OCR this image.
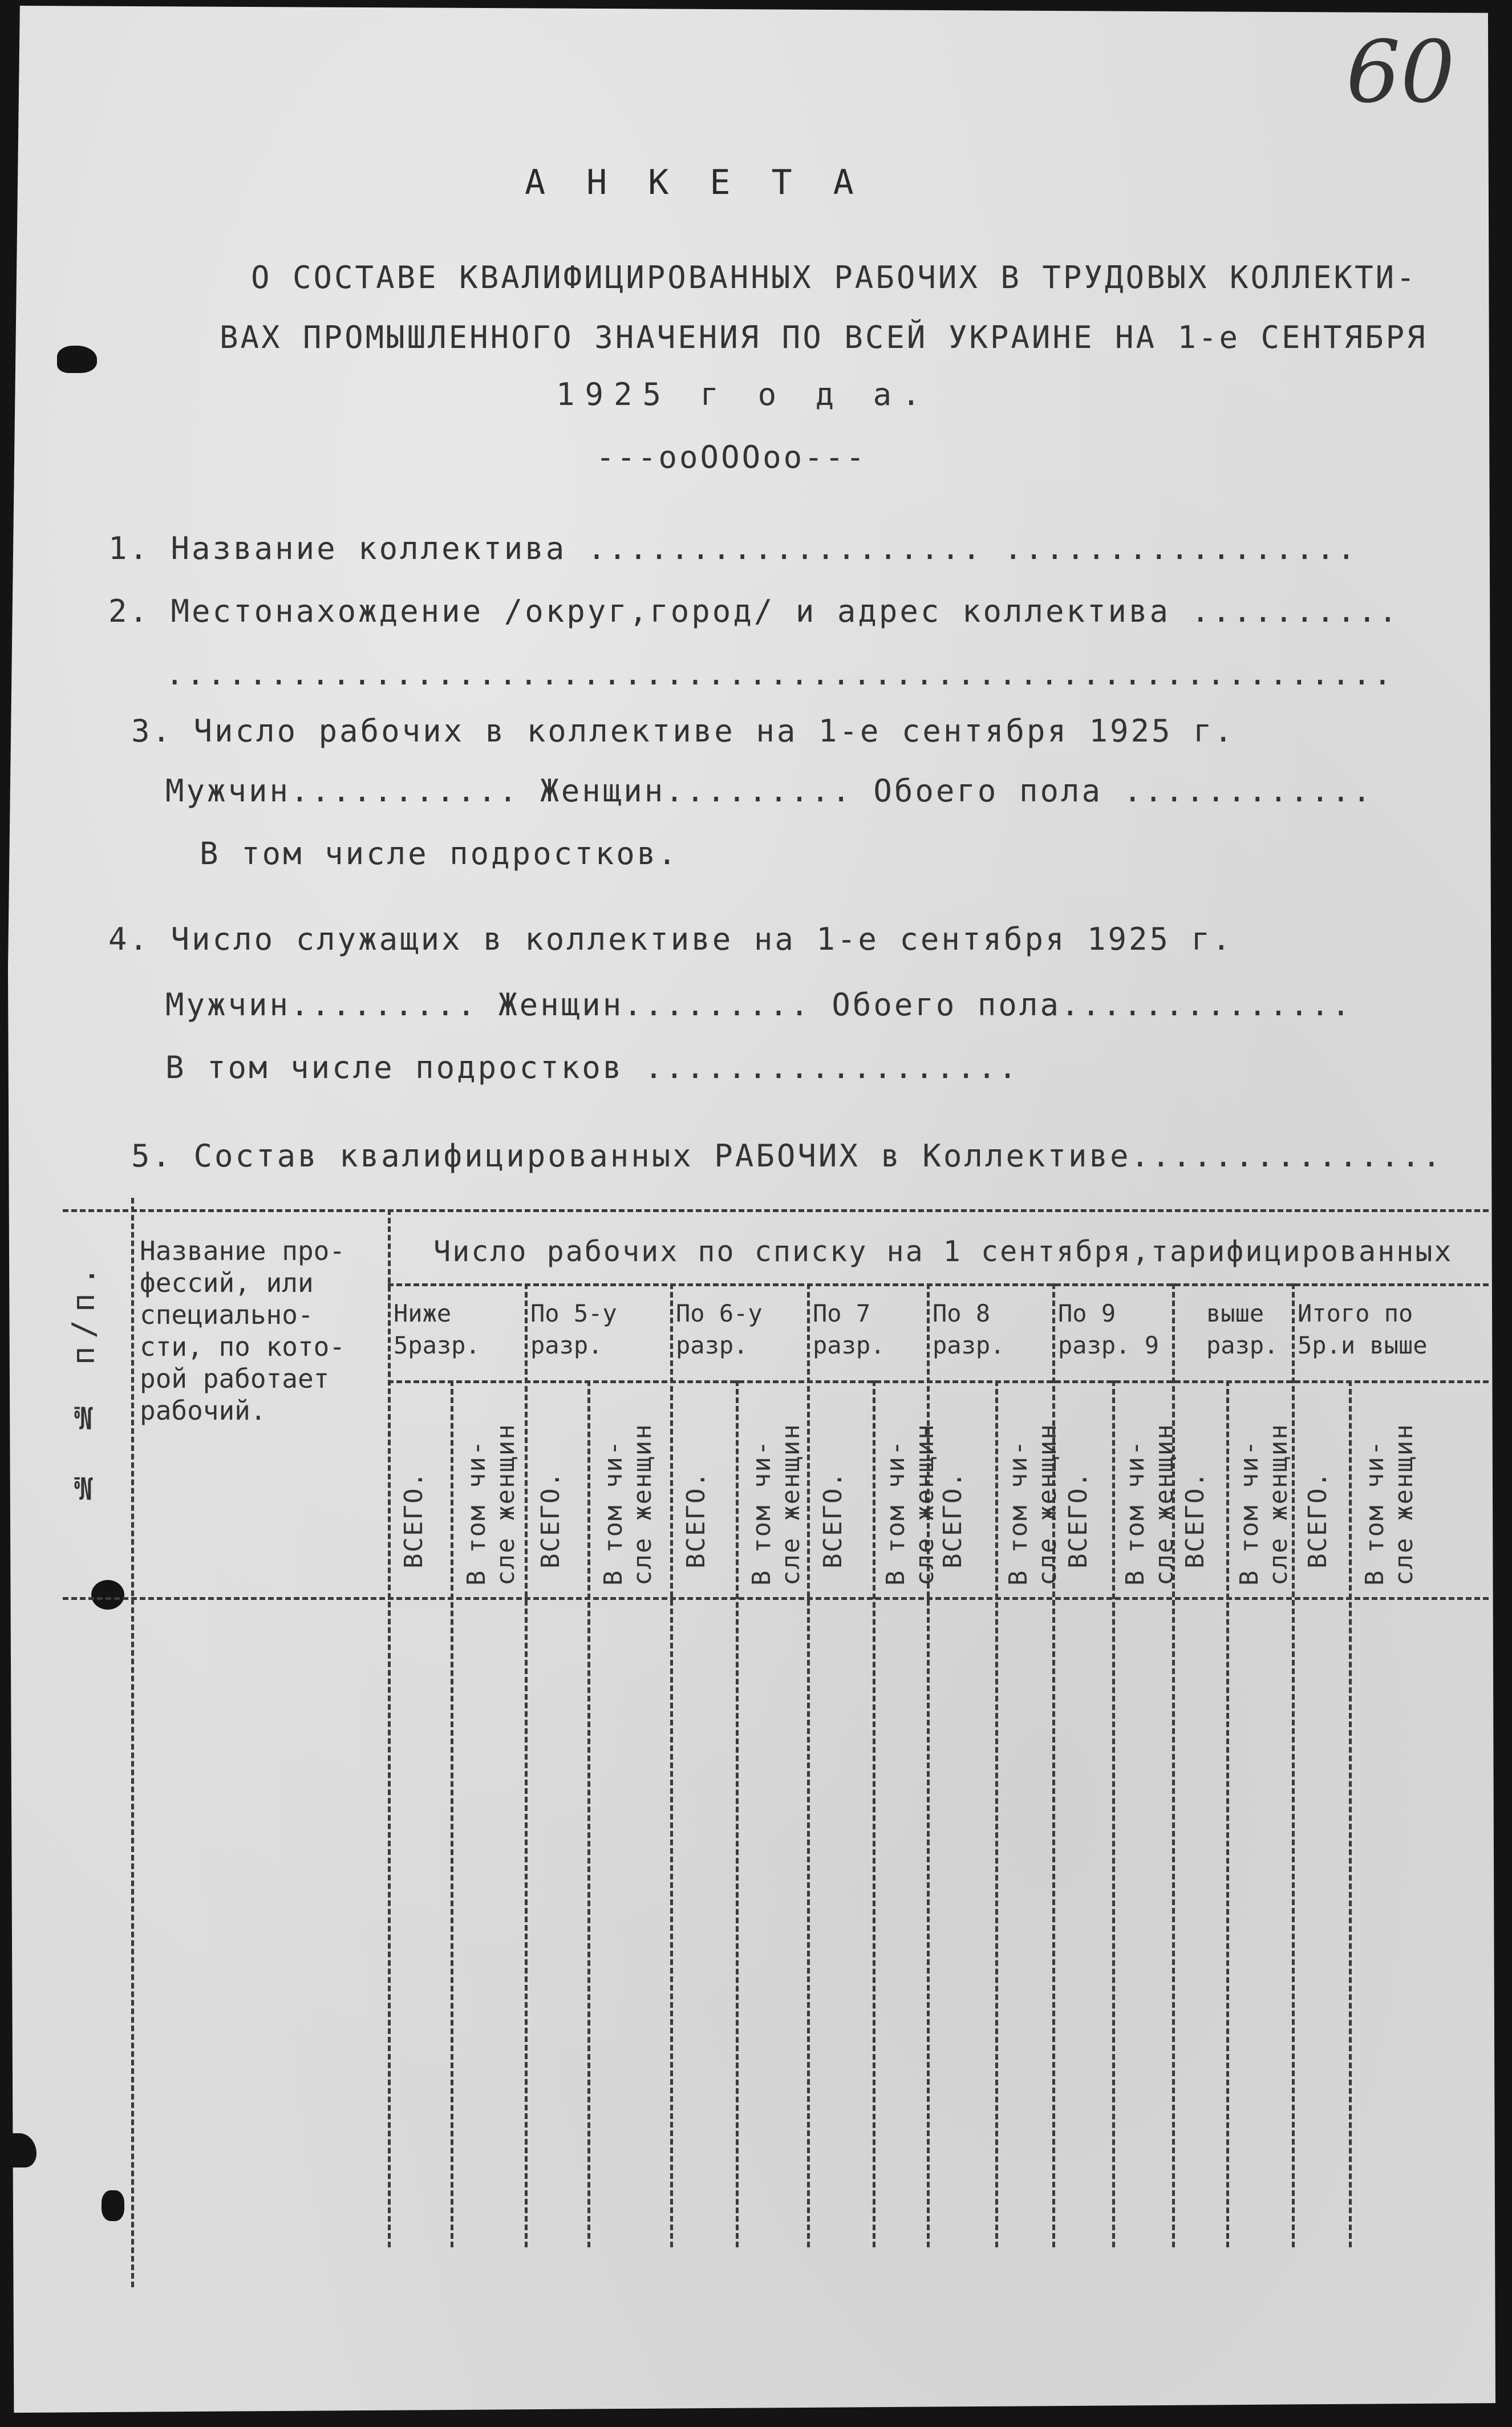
60
АНКЕТА
О СОСТАВЕ КВАЛИФИЦИРОВАННЫХ РАБОЧИХ В ТРУДОВЫХ КОЛЛЕКТИ-
ВАХ ПРОМЫШЛЕННОГО ЗНАЧЕНИЯ ПО ВСЕЙ УКРАИНЕ НА 1-е СЕНТЯБРЯ
1925 г о д а.
---ооОООоо---
1. Название коллектива ................... .................
2. Местонахождение /округ,город/ и адрес коллектива ..........
...........................................................
3. Число рабочих в коллективе на 1-е сентября 1925 г.
Мужчин........... Женщин......... Обоего пола ............
В том числе подростков.
4. Число служащих в коллективе на 1-е сентября 1925 г.
Мужчин......... Женщин......... Обоего пола..............
В том числе подростков ..................
5. Состав квалифицированных РАБОЧИХ в Коллективе...............
№ № п/п.
Название про-
фессий, или
специально-
сти, по кото-
рой работает
рабочий.
Число рабочих по списку на 1 сентября,тарифицированных
Ниже
5разр.
По 5-у
разр.
По 6-у
разр.
По 7
разр.
По 8
разр.
По 9
разр. 9
выше
разр.
Итого по
5р.и выше
ВСЕГО.
В том чи-
сле женщин ВСЕГО.
В том чи-
сле женщин ВСЕГО.
В том чи-
сле женщин ВСЕГО.
В том чи-
сле женщин
ВСЕГО.
В том чи-
сле женщин ВСЕГО.
В том чи-
сле женщин ВСЕГО.
В том чи-
сле женщин ВСЕГО.
В том чи-
сле женщин
